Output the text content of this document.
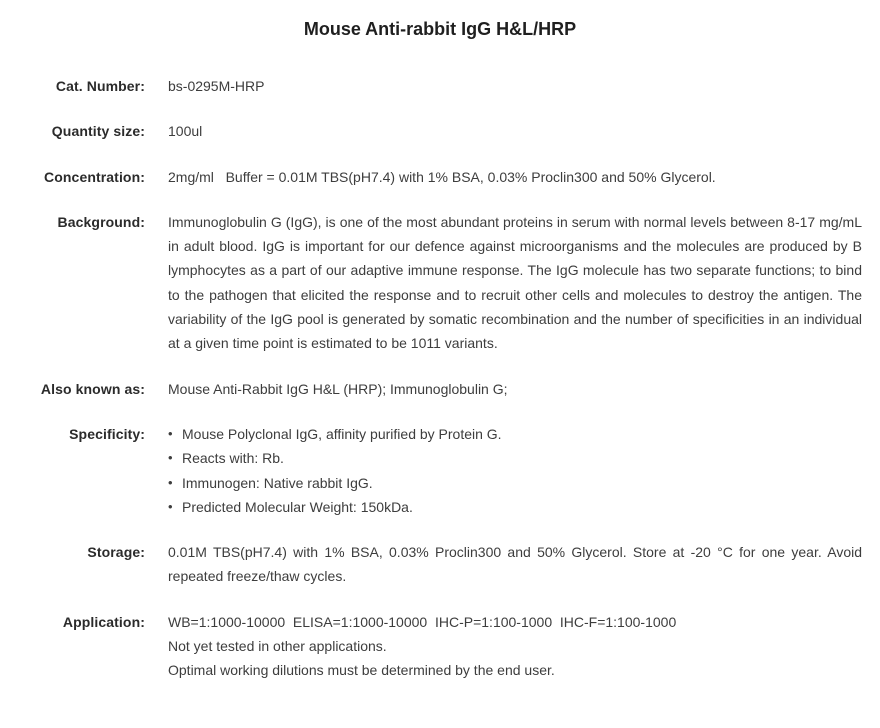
Mouse Anti-rabbit IgG H&L/HRP
Cat. Number: bs-0295M-HRP
Quantity size: 100ul
Concentration: 2mg/ml   Buffer = 0.01M TBS(pH7.4) with 1% BSA, 0.03% Proclin300 and 50% Glycerol.
Background: Immunoglobulin G (IgG), is one of the most abundant proteins in serum with normal levels between 8-17 mg/mL in adult blood. IgG is important for our defence against microorganisms and the molecules are produced by B lymphocytes as a part of our adaptive immune response. The IgG molecule has two separate functions; to bind to the pathogen that elicited the response and to recruit other cells and molecules to destroy the antigen. The variability of the IgG pool is generated by somatic recombination and the number of specificities in an individual at a given time point is estimated to be 1011 variants.
Also known as: Mouse Anti-Rabbit IgG H&L (HRP); Immunoglobulin G;
Specificity: • Mouse Polyclonal IgG, affinity purified by Protein G.
• Reacts with: Rb.
• Immunogen: Native rabbit IgG.
• Predicted Molecular Weight: 150kDa.
Storage: 0.01M TBS(pH7.4) with 1% BSA, 0.03% Proclin300 and 50% Glycerol. Store at -20 °C for one year. Avoid repeated freeze/thaw cycles.
Application: WB=1:1000-10000  ELISA=1:1000-10000  IHC-P=1:100-1000  IHC-F=1:100-1000
Not yet tested in other applications.
Optimal working dilutions must be determined by the end user.
